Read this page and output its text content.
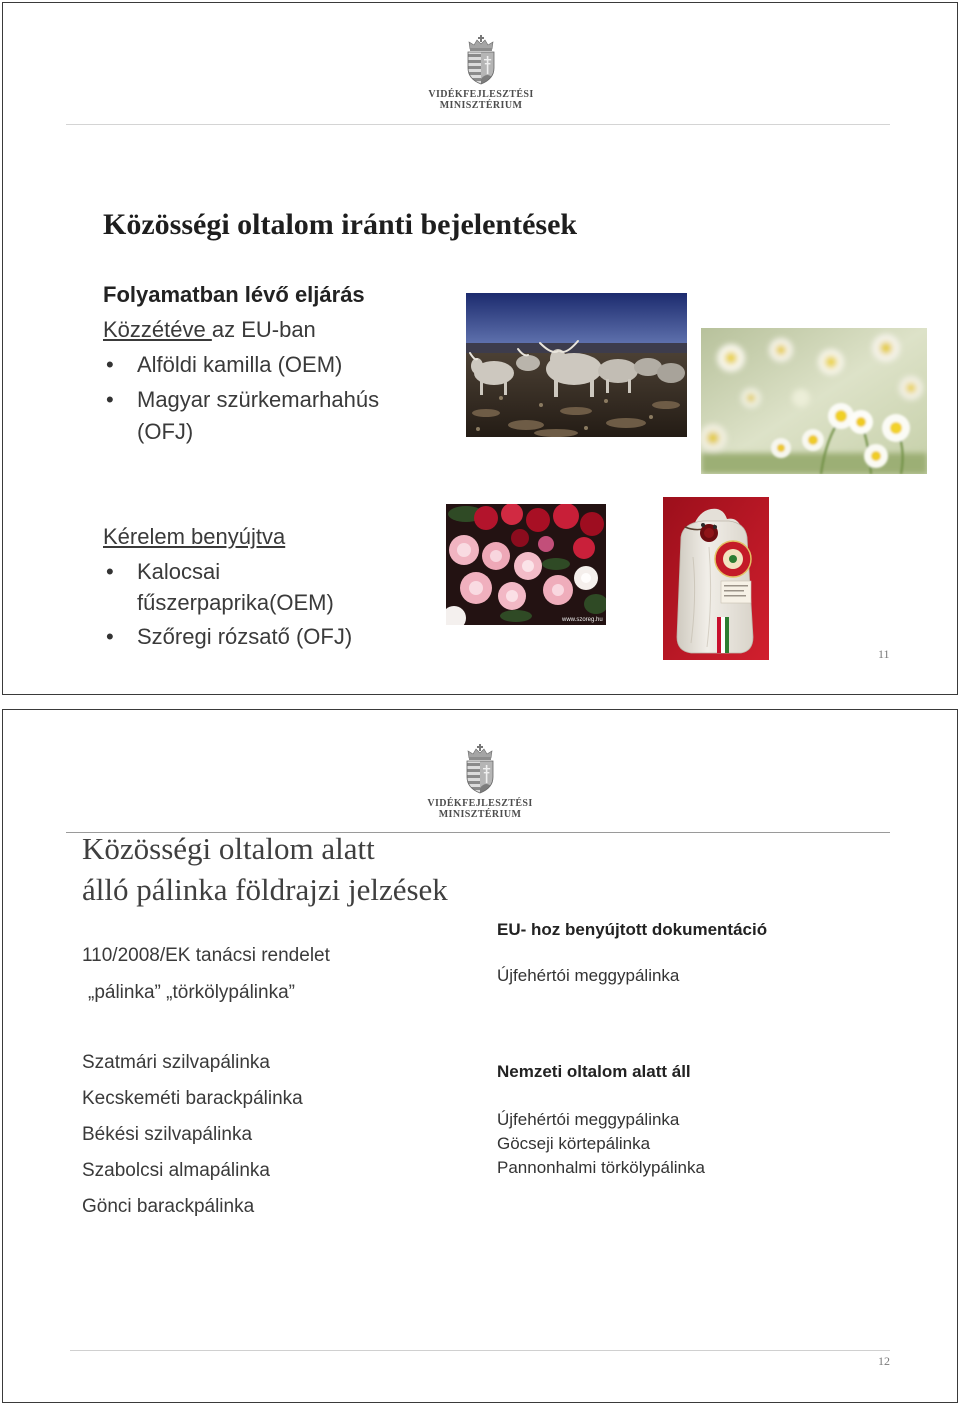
VIDÉKFEJLESZTÉSI
MINISZTÉRIUM
Közösségi oltalom iránti bejelentések
Folyamatban lévő eljárás
Közzétéve az EU-ban
•	Alföldi kamilla (OEM)
•	Magyar szürkemarhahús
(OFJ)
Kérelem benyújtva
•	Kalocsai
fűszerpaprika(OEM)
•	Szőregi rózsatő (OFJ)
www.szoreg.hu
11
VIDÉKFEJLESZTÉSI
MINISZTÉRIUM
Közösségi oltalom alatt
álló pálinka földrajzi jelzések
110/2008/EK tanácsi rendelet
„pálinka” „törkölypálinka”
EU- hoz benyújtott dokumentáció
Újfehértói meggypálinka
Szatmári szilvapálinka
Kecskeméti barackpálinka
Békési szilvapálinka
Szabolcsi almapálinka
Gönci barackpálinka
Nemzeti oltalom alatt áll
Újfehértói meggypálinka
Göcseji körtepálinka
Pannonhalmi törkölypálinka
12
